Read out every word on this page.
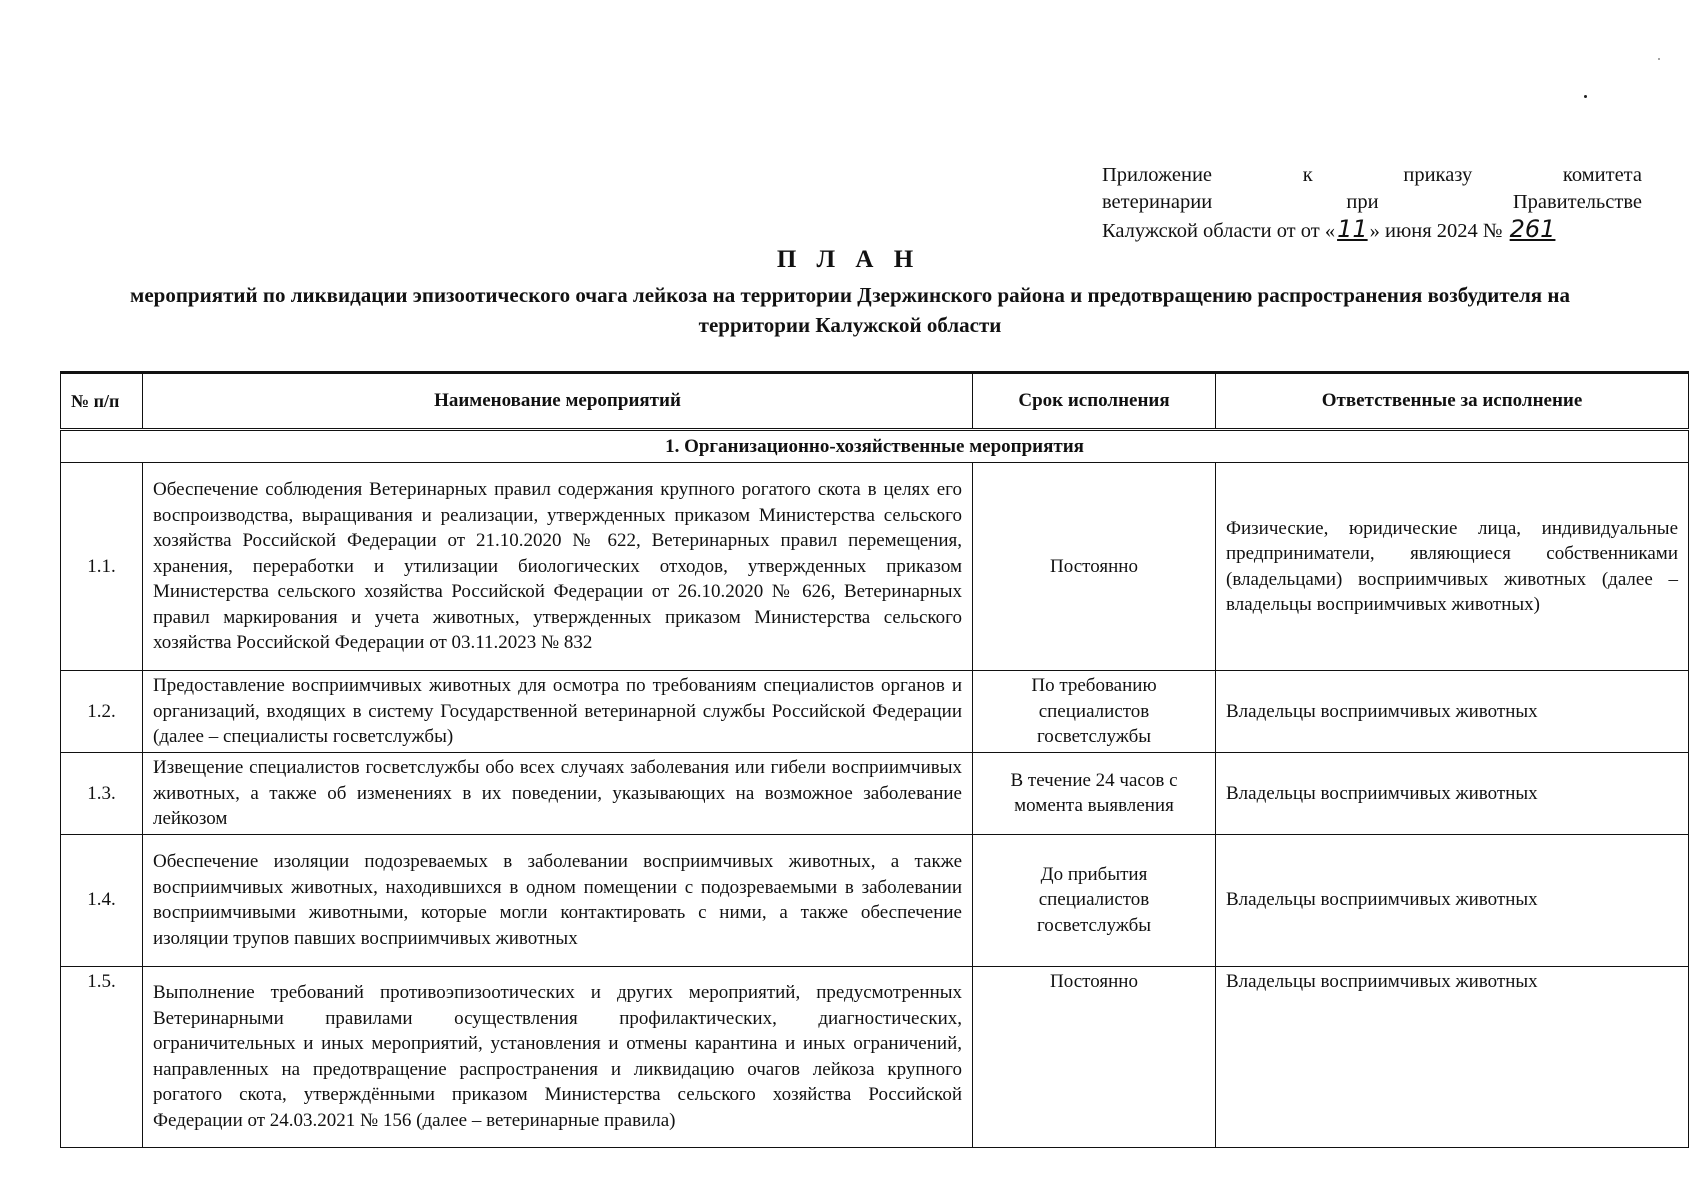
Приложение к приказу комитета
ветеринарии при Правительстве
Калужской области от от «11» июня 2024 № 261
П Л А Н
мероприятий по ликвидации эпизоотического очага лейкоза на территории Дзержинского района и предотвращению распространения возбудителя на территории Калужской области
№ п/п	Наименование мероприятий	Срок исполнения	Ответственные за исполнение
1. Организационно-хозяйственные мероприятия			
1.1.	Обеспечение соблюдения Ветеринарных правил содержания крупного рогатого скота в целях его воспроизводства, выращивания и реализации, утвержденных приказом Министерства сельского хозяйства Российской Федерации от 21.10.2020 № 622, Ветеринарных правил перемещения, хранения, переработки и утилизации биологических отходов, утвержденных приказом Министерства сельского хозяйства Российской Федерации от 26.10.2020 № 626, Ветеринарных правил маркирования и учета животных, утвержденных приказом Министерства сельского хозяйства Российской Федерации от 03.11.2023 № 832	Постоянно	Физические, юридические лица, индивидуальные предприниматели, являющиеся собственниками (владельцами) восприимчивых животных (далее – владельцы восприимчивых животных)
1.2.	Предоставление восприимчивых животных для осмотра по требованиям специалистов органов и организаций, входящих в систему Государственной ветеринарной службы Российской Федерации (далее – специалисты госветслужбы)	По требованию специалистов госветслужбы	Владельцы восприимчивых животных
1.3.	Извещение специалистов госветслужбы обо всех случаях заболевания или гибели восприимчивых животных, а также об изменениях в их поведении, указывающих на возможное заболевание лейкозом	В течение 24 часов с момента выявления	Владельцы восприимчивых животных
1.4.	Обеспечение изоляции подозреваемых в заболевании восприимчивых животных, а также восприимчивых животных, находившихся в одном помещении с подозреваемыми в заболевании восприимчивыми животными, которые могли контактировать с ними, а также обеспечение изоляции трупов павших восприимчивых животных	До прибытия специалистов госветслужбы	Владельцы восприимчивых животных
1.5.	Выполнение требований противоэпизоотических и других мероприятий, предусмотренных Ветеринарными правилами осуществления профилактических, диагностических, ограничительных и иных мероприятий, установления и отмены карантина и иных ограничений, направленных на предотвращение распространения и ликвидацию очагов лейкоза крупного рогатого скота, утверждёнными приказом Министерства сельского хозяйства Российской Федерации от 24.03.2021 № 156 (далее – ветеринарные правила)	Постоянно	Владельцы восприимчивых животных
